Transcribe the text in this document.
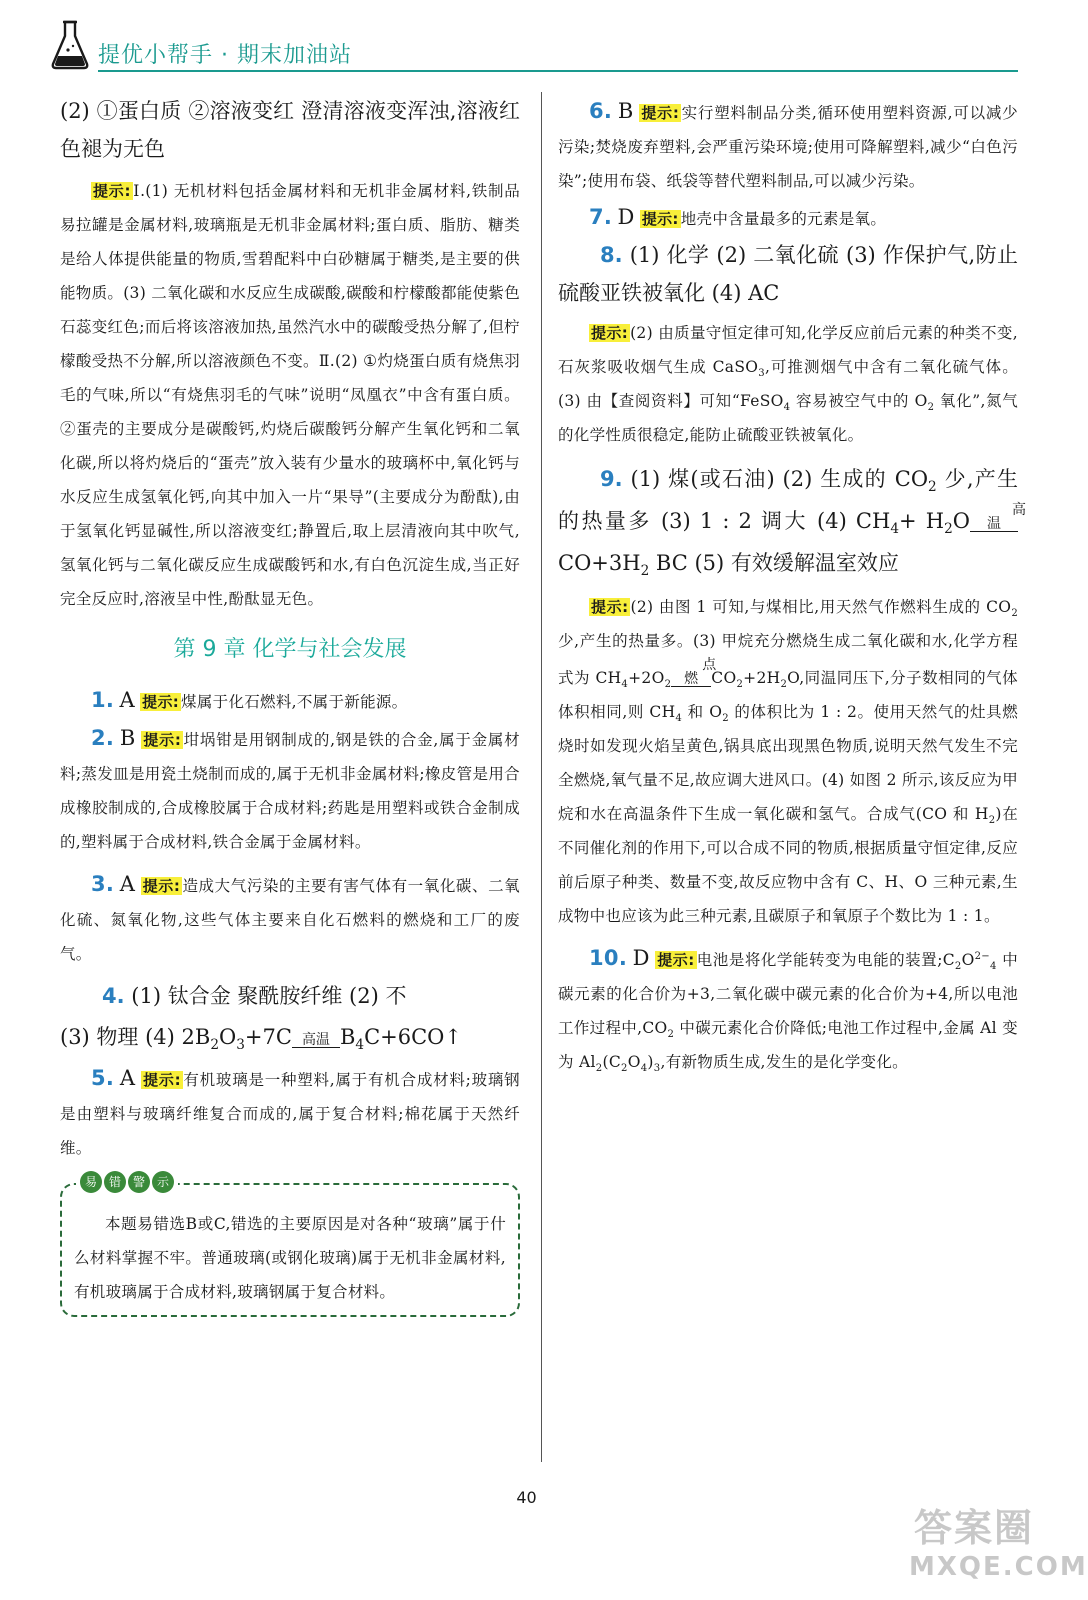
提优小帮手 · 期末加油站

(2) ①蛋白质 ②溶液变红 澄清溶液变浑浊,溶液红色褪为无色

提示: Ⅰ.(1) 无机材料包括金属材料和无机非金属材料,铁制品易拉罐是金属材料,玻璃瓶是无机非金属材料;蛋白质、脂肪、糖类是给人体提供能量的物质,雪碧配料中白砂糖属于糖类,是主要的供能物质。(3) 二氧化碳和水反应生成碳酸,碳酸和柠檬酸都能使紫色石蕊变红色;而后将该溶液加热,虽然汽水中的碳酸受热分解了,但柠檬酸受热不分解,所以溶液颜色不变。Ⅱ.(2) ①灼烧蛋白质有烧焦羽毛的气味,所以“有烧焦羽毛的气味”说明“凤凰衣”中含有蛋白质。②蛋壳的主要成分是碳酸钙,灼烧后碳酸钙分解产生氧化钙和二氧化碳,所以将灼烧后的“蛋壳”放入装有少量水的玻璃杯中,氧化钙与水反应生成氢氧化钙,向其中加入一片“果导”(主要成分为酚酞),由于氢氧化钙显碱性,所以溶液变红;静置后,取上层清液向其中吹气,氢氧化钙与二氧化碳反应生成碳酸钙和水,有白色沉淀生成,当正好完全反应时,溶液呈中性,酚酞显无色。

第 9 章 化学与社会发展

1. A 提示: 煤属于化石燃料,不属于新能源。

2. B 提示: 坩埚钳是用钢制成的,钢是铁的合金,属于金属材料;蒸发皿是用瓷土烧制而成的,属于无机非金属材料;橡皮管是用合成橡胶制成的,合成橡胶属于合成材料;药匙是用塑料或铁合金制成的,塑料属于合成材料,铁合金属于金属材料。

3. A 提示: 造成大气污染的主要有害气体有一氧化碳、二氧化硫、氮氧化物,这些气体主要来自化石燃料的燃烧和工厂的废气。

4. (1) 钛合金 聚酰胺纤维 (2) 不

(3) 物理 (4) $2B_2O_3+7C$ 高温 $B_4C+6CO↑$

5. A 提示: 有机玻璃是一种塑料,属于有机合成材料;玻璃钢是由塑料与玻璃纤维复合而成的,属于复合材料;棉花属于天然纤维。

易 错 警 示

本题易错选B或C,错选的主要原因是对各种“玻璃”属于什么材料掌握不牢。普通玻璃(或钢化玻璃)属于无机非金属材料,有机玻璃属于合成材料,玻璃钢属于复合材料。

6. B 提示: 实行塑料制品分类,循环使用塑料资源,可以减少污染;焚烧废弃塑料,会严重污染环境;使用可降解塑料,减少“白色污染”;使用布袋、纸袋等替代塑料制品,可以减少污染。

7. D 提示: 地壳中含量最多的元素是氧。

8. (1) 化学 (2) 二氧化硫 (3) 作保护气,防止硫酸亚铁被氧化 (4) AC

提示: (2) 由质量守恒定律可知,化学反应前后元素的种类不变,石灰浆吸收烟气生成 CaSO$_3$,可推测烟气中含有二氧化硫气体。(3) 由【查阅资料】可知“FeSO$_4$ 容易被空气中的 $O_2$ 氧化”,氮气的化学性质很稳定,能防止硫酸亚铁被氧化。

9. (1) 煤(或石油) (2) 生成的 $CO_2$ 少,产生的热量多 (3) 1 : 2 调大 (4) $CH_4+ H_2O$	高温
$CO+3H_2$ BC (5) 有效缓解温室效应

提示: (2) 由图 1 可知,与煤相比,用天然气作燃料生成的 $CO_2$ 少,产生的热量多。(3) 甲烷充分燃烧生成二氧化碳和水,化学方程式为 $CH_4+2O_2$
点燃 $CO_2+2H_2O$,同温同压下,分子数相同的气体体积相同,则 $CH_4$ 和 $O_2$ 的体积比为 1 : 2。使用天然气的灶具燃烧时如发现火焰呈黄色,锅具底出现黑色物质,说明天然气发生不完全燃烧,氧气量不足,故应调大进风口。(4) 如图 2 所示,该反应为甲烷和水在高温条件下生成一氧化碳和氢气。合成气(CO 和 $H_2$)在不同催化剂的作用下,可以合成不同的物质,根据质量守恒定律,反应前后原子种类、数量不变,故反应物中含有 C、H、O 三种元素,生成物中也应该为此三种元素,且碳原子和氧原子个数比为 1 : 1。

10. D 提示: 电池是将化学能转变为电能的装置$;C_2O^{2-}_4$ 中碳元素的化合价为+3,二氧化碳中碳元素的化合价为+4,所以电池工作过程中$,CO_2$ 中碳元素化合价降低;电池工作过程中,金属 Al 变为 $Al_2(C_2O_4)_3$,有新物质生成,发生的是化学变化。

40
答案圈
MXQE.COM
